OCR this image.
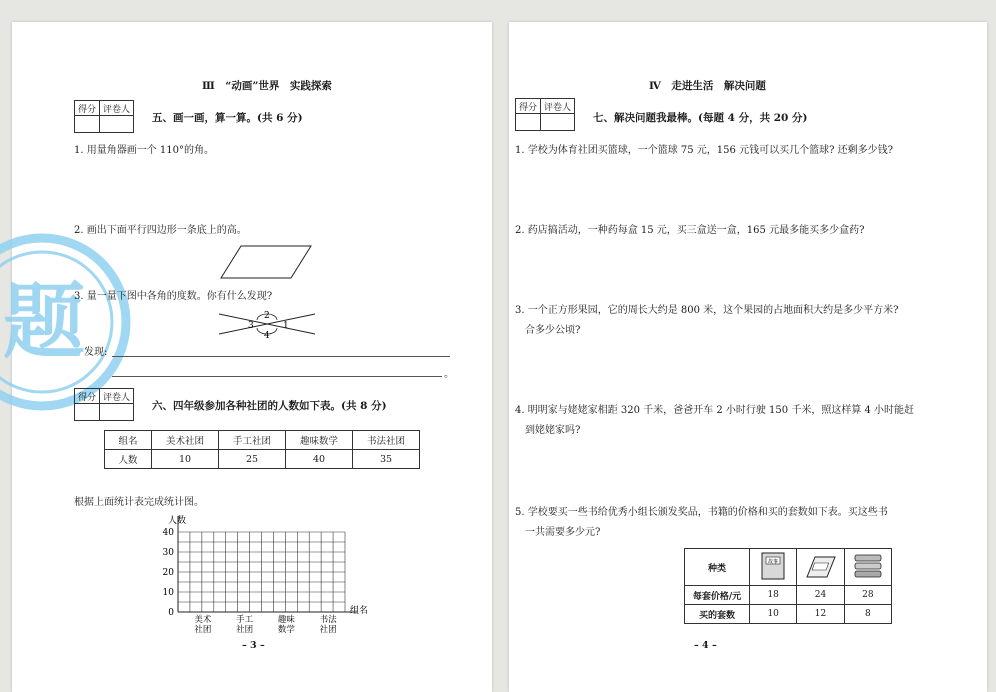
题
Ⅲ　“动画”世界　实践探索
得分	评卷人

五、画一画，算一算。(共 6 分)
1. 用量角器画一个 110°的角。
2. 画出下面平行四边形一条底上的高。
3. 量一量下图中各角的度数。你有什么发现?
1
2
3
4
发现:
。
得分	评卷人

六、四年级参加各种社团的人数如下表。(共 8 分)
组名	美术社团	手工社团	趣味数学	书法社团
人数	10	25	40	35
根据上面统计表完成统计图。
人数
组名
0
10
20
30
40
美术
社团
手工
社团
趣味
数学
书法
社团
– 3 –
Ⅳ　走进生活　解决问题
得分	评卷人

七、解决问题我最棒。(每题 4 分，共 20 分)
1. 学校为体育社团买篮球，一个篮球 75 元，156 元钱可以买几个篮球? 还剩多少钱?
2. 药店搞活动，一种药每盒 15 元，买三盒送一盒，165 元最多能买多少盒药?
3. 一个正方形果园，它的周长大约是 800 米，这个果园的占地面积大约是多少平方米?
合多少公顷?
4. 明明家与姥姥家相距 320 千米，爸爸开车 2 小时行驶 150 千米，照这样算 4 小时能赶
到姥姥家吗?
5. 学校要买一些书给优秀小组长颁发奖品，书籍的价格和买的套数如下表。买这些书
一共需要多少元?
种类	故事

每套价格/元	18	24	28
买的套数	10	12	8
– 4 –
